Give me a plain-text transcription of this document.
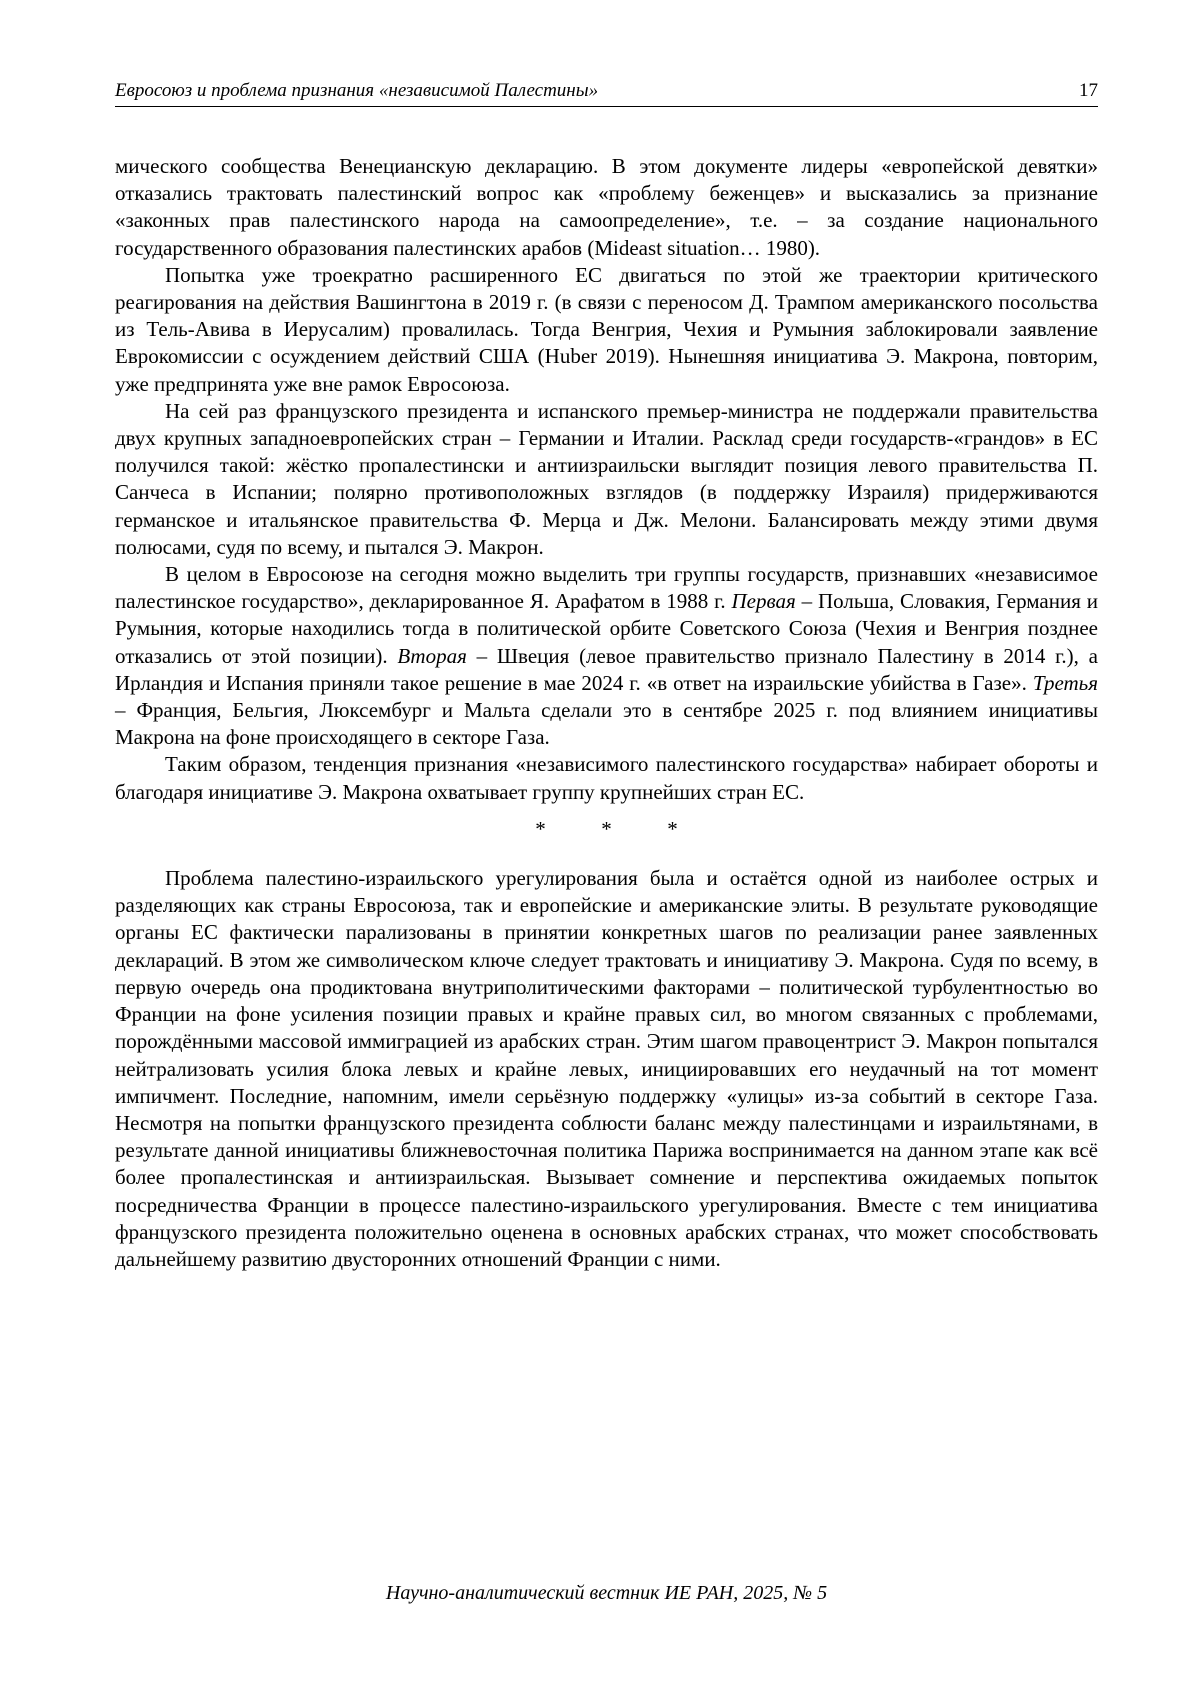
Евросоюз и проблема признания «независимой Палестины»	17

мического сообщества Венецианскую декларацию. В этом документе лидеры «европейской девятки» отказались трактовать палестинский вопрос как «проблему беженцев» и высказались за признание «законных прав палестинского народа на самоопределение», т.е. – за создание национального государственного образования палестинских арабов (Mideast situation… 1980).

Попытка уже троекратно расширенного ЕС двигаться по этой же траектории критического реагирования на действия Вашингтона в 2019 г. (в связи с переносом Д. Трампом американского посольства из Тель-Авива в Иерусалим) провалилась. Тогда Венгрия, Чехия и Румыния заблокировали заявление Еврокомиссии с осуждением действий США (Huber 2019). Нынешняя инициатива Э. Макрона, повторим, уже предпринята уже вне рамок Евросоюза.

На сей раз французского президента и испанского премьер-министра не поддержали правительства двух крупных западноевропейских стран – Германии и Италии. Расклад среди государств-«грандов» в ЕС получился такой: жёстко пропалестински и антиизраильски выглядит позиция левого правительства П. Санчеса в Испании; полярно противоположных взглядов (в поддержку Израиля) придерживаются германское и итальянское правительства Ф. Мерца и Дж. Мелони. Балансировать между этими двумя полюсами, судя по всему, и пытался Э. Макрон.

В целом в Евросоюзе на сегодня можно выделить три группы государств, признавших «независимое палестинское государство», декларированное Я. Арафатом в 1988 г. Первая – Польша, Словакия, Германия и Румыния, которые находились тогда в политической орбите Советского Союза (Чехия и Венгрия позднее отказались от этой позиции). Вторая – Швеция (левое правительство признало Палестину в 2014 г.), а Ирландия и Испания приняли такое решение в мае 2024 г. «в ответ на израильские убийства в Газе». Третья – Франция, Бельгия, Люксембург и Мальта сделали это в сентябре 2025 г. под влиянием инициативы Макрона на фоне происходящего в секторе Газа.

Таким образом, тенденция признания «независимого палестинского государства» набирает обороты и благодаря инициативе Э. Макрона охватывает группу крупнейших стран ЕС.

*	*	*

Проблема палестино-израильского урегулирования была и остаётся одной из наиболее острых и разделяющих как страны Евросоюза, так и европейские и американские элиты. В результате руководящие органы ЕС фактически парализованы в принятии конкретных шагов по реализации ранее заявленных деклараций. В этом же символическом ключе следует трактовать и инициативу Э. Макрона. Судя по всему, в первую очередь она продиктована внутриполитическими факторами – политической турбулентностью во Франции на фоне усиления позиции правых и крайне правых сил, во многом связанных с проблемами, порождёнными массовой иммиграцией из арабских стран. Этим шагом правоцентрист Э. Макрон попытался нейтрализовать усилия блока левых и крайне левых, инициировавших его неудачный на тот момент импичмент. Последние, напомним, имели серьёзную поддержку «улицы» из-за событий в секторе Газа. Несмотря на попытки французского президента соблюсти баланс между палестинцами и израильтянами, в результате данной инициативы ближневосточная политика Парижа воспринимается на данном этапе как всё более пропалестинская и антиизраильская. Вызывает сомнение и перспектива ожидаемых попыток посредничества Франции в процессе палестино-израильского урегулирования. Вместе с тем инициатива французского президента положительно оценена в основных арабских странах, что может способствовать дальнейшему развитию двусторонних отношений Франции с ними.

Научно-аналитический вестник ИЕ РАН, 2025, № 5
